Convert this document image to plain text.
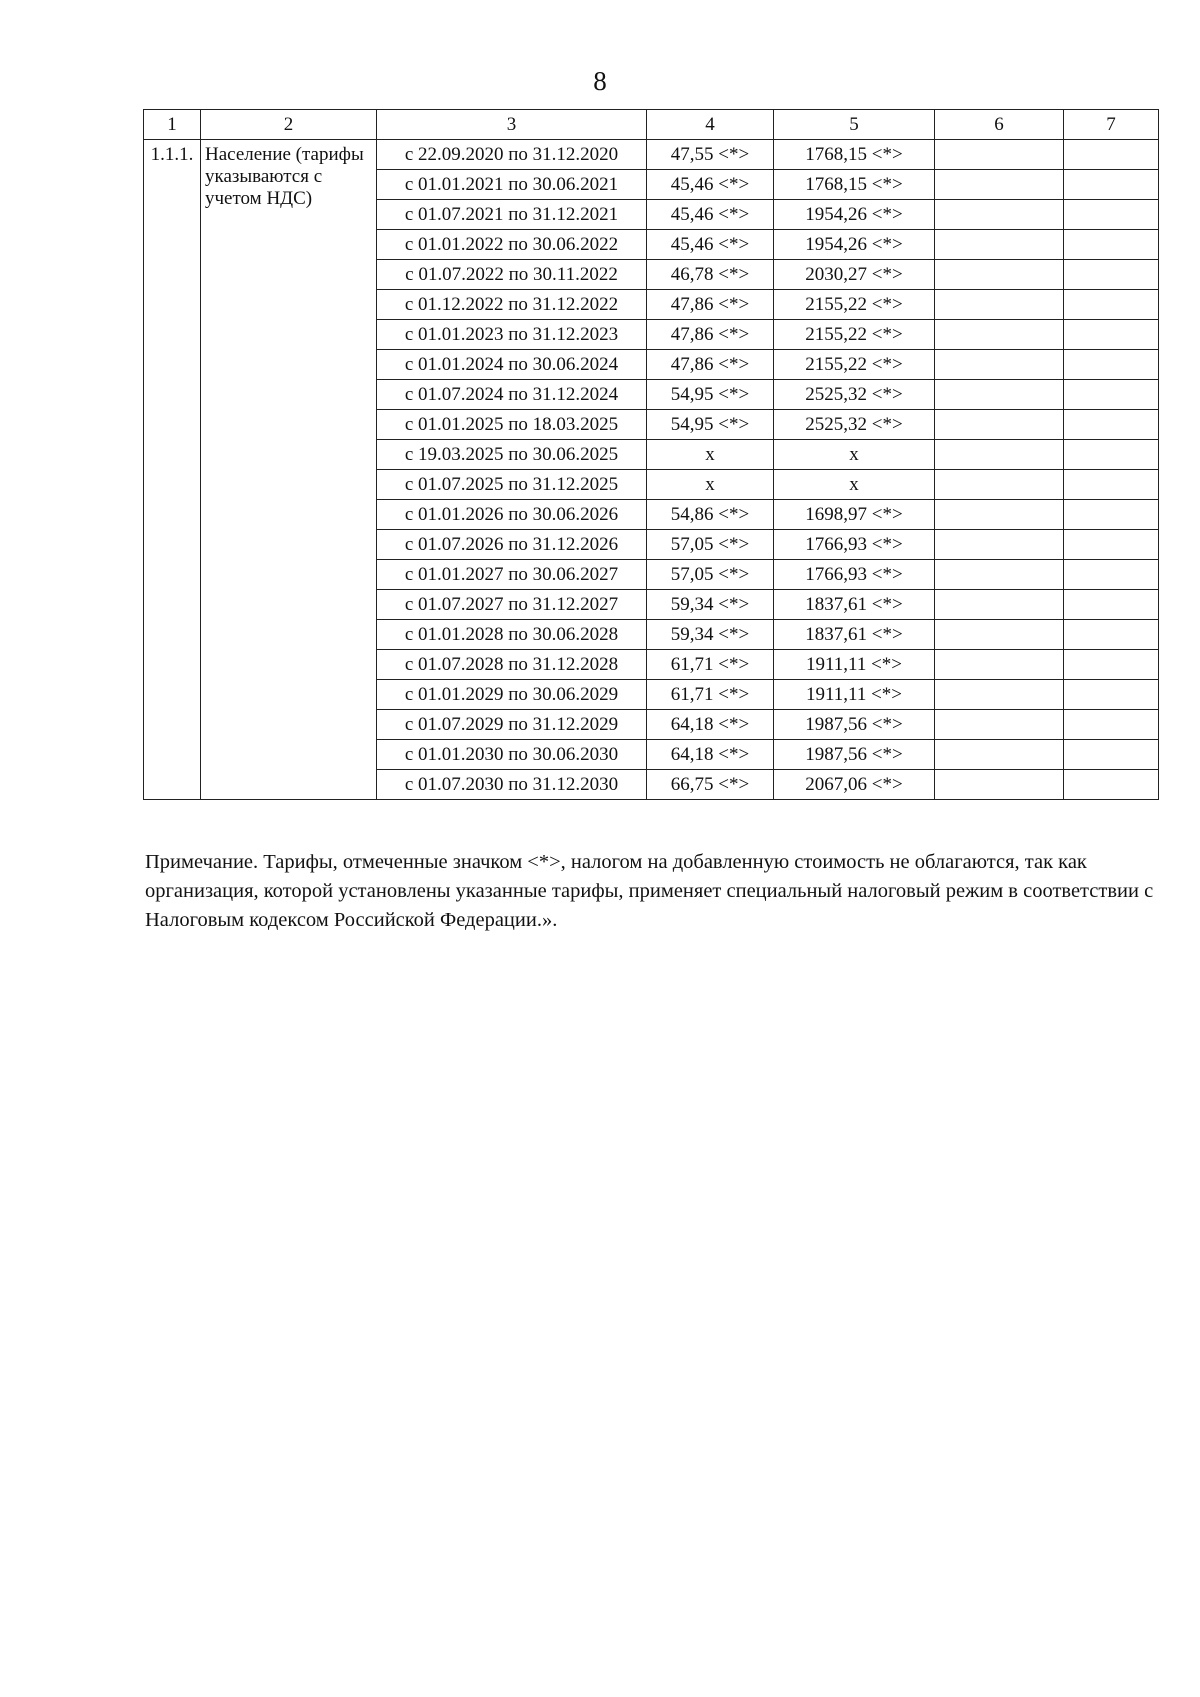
8
1	2	3	4	5	6	7
1.1.1.	Население (тарифы указываются с учетом НДС)	с 22.09.2020 по 31.12.2020	47,55 <*>	1768,15 <*>		
		с 01.01.2021 по 30.06.2021	45,46 <*>	1768,15 <*>		
		с 01.07.2021 по 31.12.2021	45,46 <*>	1954,26 <*>		
		с 01.01.2022 по 30.06.2022	45,46 <*>	1954,26 <*>		
		с 01.07.2022 по 30.11.2022	46,78 <*>	2030,27 <*>		
		с 01.12.2022 по 31.12.2022	47,86 <*>	2155,22 <*>		
		с 01.01.2023 по 31.12.2023	47,86 <*>	2155,22 <*>		
		с 01.01.2024 по 30.06.2024	47,86 <*>	2155,22 <*>		
		с 01.07.2024 по 31.12.2024	54,95 <*>	2525,32 <*>		
		с 01.01.2025 по 18.03.2025	54,95 <*>	2525,32 <*>		
		с 19.03.2025 по 30.06.2025	x	x		
		с 01.07.2025 по 31.12.2025	x	x		
		с 01.01.2026 по 30.06.2026	54,86 <*>	1698,97 <*>		
		с 01.07.2026 по 31.12.2026	57,05 <*>	1766,93 <*>		
		с 01.01.2027 по 30.06.2027	57,05 <*>	1766,93 <*>		
		с 01.07.2027 по 31.12.2027	59,34 <*>	1837,61 <*>		
		с 01.01.2028 по 30.06.2028	59,34 <*>	1837,61 <*>		
		с 01.07.2028 по 31.12.2028	61,71 <*>	1911,11 <*>		
		с 01.01.2029 по 30.06.2029	61,71 <*>	1911,11 <*>		
		с 01.07.2029 по 31.12.2029	64,18 <*>	1987,56 <*>		
		с 01.01.2030 по 30.06.2030	64,18 <*>	1987,56 <*>		
		с 01.07.2030 по 31.12.2030	66,75 <*>	2067,06 <*>		
Примечание. Тарифы, отмеченные значком <*>, налогом на добавленную стоимость не облагаются, так как организация, которой установлены указанные тарифы, применяет специальный налоговый режим в соответствии с Налоговым кодексом Российской Федерации.».
